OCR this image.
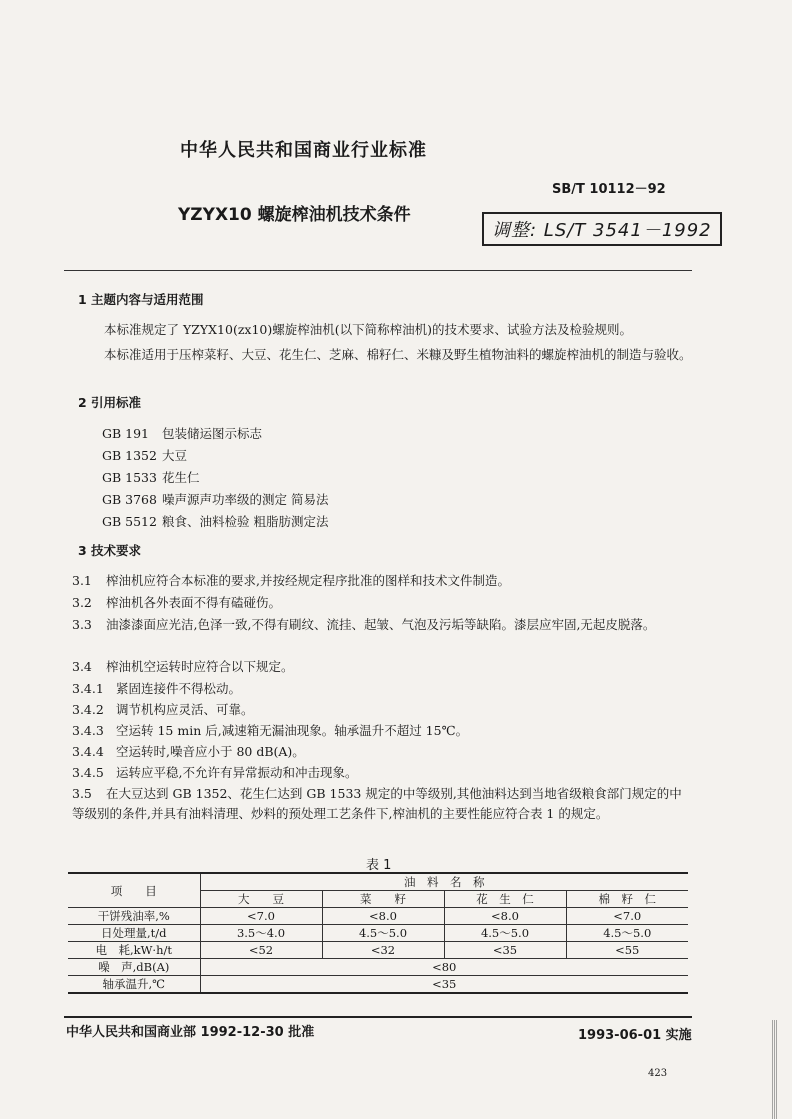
中华人民共和国商业行业标准
SB/T 10112－92
YZYX10 螺旋榨油机技术条件
调整: LS/T 3541－1992
1 主题内容与适用范围
本标准规定了 YZYX10(zx10)螺旋榨油机(以下简称榨油机)的技术要求、试验方法及检验规则。
本标准适用于压榨菜籽、大豆、花生仁、芝麻、棉籽仁、米糠及野生植物油料的螺旋榨油机的制造与验收。
2 引用标准
GB 191 包装储运图示标志
GB 1352 大豆
GB 1533 花生仁
GB 3768 噪声源声功率级的测定 简易法
GB 5512 粮食、油料检验 粗脂肪测定法
3 技术要求
3.1 榨油机应符合本标准的要求,并按经规定程序批准的图样和技术文件制造。
3.2 榨油机各外表面不得有磕碰伤。
3.3 油漆漆面应光洁,色泽一致,不得有刷纹、流挂、起皱、气泡及污垢等缺陷。漆层应牢固,无起皮脱落。
3.4 榨油机空运转时应符合以下规定。
3.4.1 紧固连接件不得松动。
3.4.2 调节机构应灵活、可靠。
3.4.3 空运转 15 min 后,减速箱无漏油现象。轴承温升不超过 15℃。
3.4.4 空运转时,噪音应小于 80 dB(A)。
3.4.5 运转应平稳,不允许有异常振动和冲击现象。
3.5 在大豆达到 GB 1352、花生仁达到 GB 1533 规定的中等级别,其他油料达到当地省级粮食部门规定的中等级别的条件,并具有油料清理、炒料的预处理工艺条件下,榨油机的主要性能应符合表 1 的规定。
表 1
项　　目	油　料　名　称			
	大　　豆	菜　　籽	花　生　仁	棉　籽　仁
干饼残油率,%	<7.0	<8.0	<8.0	<7.0
日处理量,t/d	3.5～4.0	4.5～5.0	4.5～5.0	4.5～5.0
电　耗,kW·h/t	<52	<32	<35	<55
噪　声,dB(A)	<80			
轴承温升,℃	<35			
中华人民共和国商业部 1992-12-30 批准	1993-06-01 实施
423
